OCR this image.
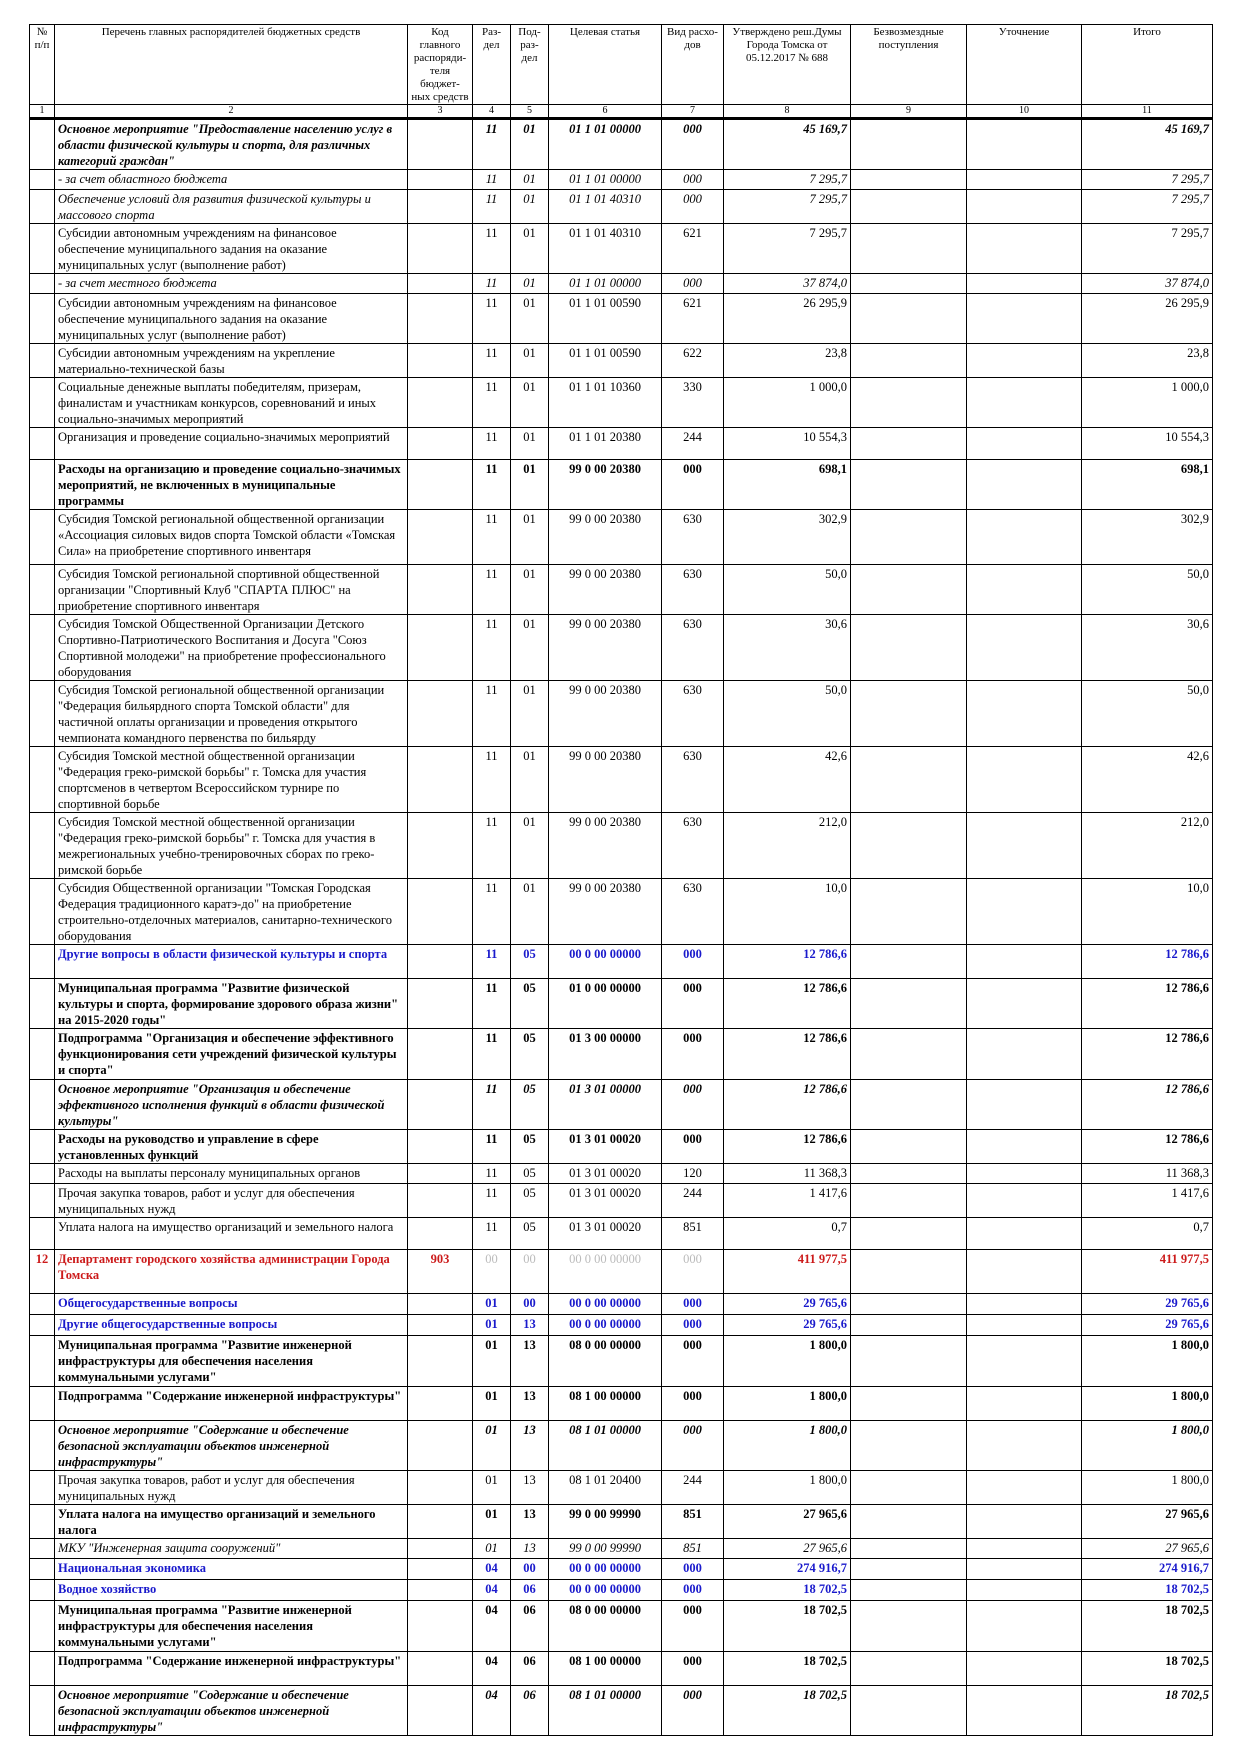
№ п/п	Перечень главных распорядителей бюджетных средств	Код главного распоряди-теля бюджет-ных средств	Раз-дел	Под-раз-дел	Целевая статья	Вид расхо-дов	Утверждено реш.Думы Города Томска от 05.12.2017 № 688	Безвозмездные поступления	Уточнение	Итого
1	2	3	4	5	6	7	8	9	10	11
	Основное мероприятие "Предоставление населению услуг в области физической культуры и спорта, для различных категорий граждан"		11	01	01 1 01 00000	000	45 169,7			45 169,7
	- за счет областного бюджета		11	01	01 1 01 00000	000	7 295,7			7 295,7
	Обеспечение условий для развития физической культуры и массового спорта		11	01	01 1 01 40310	000	7 295,7			7 295,7
	Субсидии автономным учреждениям на финансовое обеспечение муниципального задания на оказание муниципальных услуг (выполнение работ)		11	01	01 1 01 40310	621	7 295,7			7 295,7
	- за счет местного бюджета		11	01	01 1 01 00000	000	37 874,0			37 874,0
	Субсидии автономным учреждениям на финансовое обеспечение муниципального задания на оказание муниципальных услуг (выполнение работ)		11	01	01 1 01 00590	621	26 295,9			26 295,9
	Субсидии автономным учреждениям на укрепление материально-технической базы		11	01	01 1 01 00590	622	23,8			23,8
	Социальные денежные выплаты победителям, призерам, финалистам и участникам конкурсов, соревнований и иных социально-значимых мероприятий		11	01	01 1 01 10360	330	1 000,0			1 000,0
	Организация и проведение социально-значимых мероприятий		11	01	01 1 01 20380	244	10 554,3			10 554,3
	Расходы на организацию и проведение социально-значимых мероприятий, не включенных в муниципальные программы		11	01	99 0 00 20380	000	698,1			698,1
	Субсидия Томской региональной общественной организации «Ассоциация силовых видов спорта Томской области «Томская Сила» на приобретение спортивного инвентаря		11	01	99 0 00 20380	630	302,9			302,9
	Субсидия Томской региональной спортивной общественной организации "Спортивный Клуб "СПАРТА ПЛЮС" на приобретение спортивного инвентаря		11	01	99 0 00 20380	630	50,0			50,0
	Субсидия Томской Общественной Организации Детского Спортивно-Патриотического Воспитания и Досуга "Союз Спортивной молодежи" на приобретение профессионального оборудования		11	01	99 0 00 20380	630	30,6			30,6
	Субсидия Томской региональной общественной организации "Федерация бильярдного спорта Томской области" для частичной оплаты организации и проведения открытого чемпионата командного первенства по бильярду		11	01	99 0 00 20380	630	50,0			50,0
	Субсидия Томской местной общественной организации "Федерация греко-римской борьбы" г. Томска для участия спортсменов в четвертом Всероссийском турнире по спортивной борьбе		11	01	99 0 00 20380	630	42,6			42,6
	Субсидия Томской местной общественной организации "Федерация греко-римской борьбы" г. Томска для участия в межрегиональных учебно-тренировочных сборах по греко-римской борьбе		11	01	99 0 00 20380	630	212,0			212,0
	Субсидия Общественной организации "Томская Городская Федерация традиционного каратэ-до" на приобретение строительно-отделочных материалов, санитарно-технического оборудования		11	01	99 0 00 20380	630	10,0			10,0
	Другие вопросы в области физической культуры и спорта		11	05	00 0 00 00000	000	12 786,6			12 786,6
	Муниципальная программа "Развитие физической культуры и спорта, формирование здорового образа жизни" на 2015-2020 годы"		11	05	01 0 00 00000	000	12 786,6			12 786,6
	Подпрограмма "Организация и обеспечение эффективного функционирования сети учреждений физической культуры и спорта"		11	05	01 3 00 00000	000	12 786,6			12 786,6
	Основное мероприятие "Организация и обеспечение эффективного исполнения функций в области физической культуры"		11	05	01 3 01 00000	000	12 786,6			12 786,6
	Расходы на руководство и управление в сфере установленных функций		11	05	01 3 01 00020	000	12 786,6			12 786,6
	Расходы на выплаты персоналу муниципальных органов		11	05	01 3 01 00020	120	11 368,3			11 368,3
	Прочая закупка товаров, работ и услуг для обеспечения муниципальных нужд		11	05	01 3 01 00020	244	1 417,6			1 417,6
	Уплата налога на имущество организаций и земельного налога		11	05	01 3 01 00020	851	0,7			0,7
12	Департамент городского хозяйства администрации Города Томска	903	00	00	00 0 00 00000	000	411 977,5			411 977,5
	Общегосударственные вопросы		01	00	00 0 00 00000	000	29 765,6			29 765,6
	Другие общегосударственные вопросы		01	13	00 0 00 00000	000	29 765,6			29 765,6
	Муниципальная программа "Развитие инженерной инфраструктуры для обеспечения населения коммунальными услугами"		01	13	08 0 00 00000	000	1 800,0			1 800,0
	Подпрограмма "Содержание инженерной инфраструктуры"		01	13	08 1 00 00000	000	1 800,0			1 800,0
	Основное мероприятие "Содержание и обеспечение безопасной эксплуатации объектов инженерной инфраструктуры"		01	13	08 1 01 00000	000	1 800,0			1 800,0
	Прочая закупка товаров, работ и услуг для обеспечения муниципальных нужд		01	13	08 1 01 20400	244	1 800,0			1 800,0
	Уплата налога на имущество организаций и земельного налога		01	13	99 0 00 99990	851	27 965,6			27 965,6
	МКУ "Инженерная защита сооружений"		01	13	99 0 00 99990	851	27 965,6			27 965,6
	Национальная экономика		04	00	00 0 00 00000	000	274 916,7			274 916,7
	Водное хозяйство		04	06	00 0 00 00000	000	18 702,5			18 702,5
	Муниципальная программа "Развитие инженерной инфраструктуры для обеспечения населения коммунальными услугами"		04	06	08 0 00 00000	000	18 702,5			18 702,5
	Подпрограмма "Содержание инженерной инфраструктуры"		04	06	08 1 00 00000	000	18 702,5			18 702,5
	Основное мероприятие "Содержание и обеспечение безопасной эксплуатации объектов инженерной инфраструктуры"		04	06	08 1 01 00000	000	18 702,5			18 702,5
